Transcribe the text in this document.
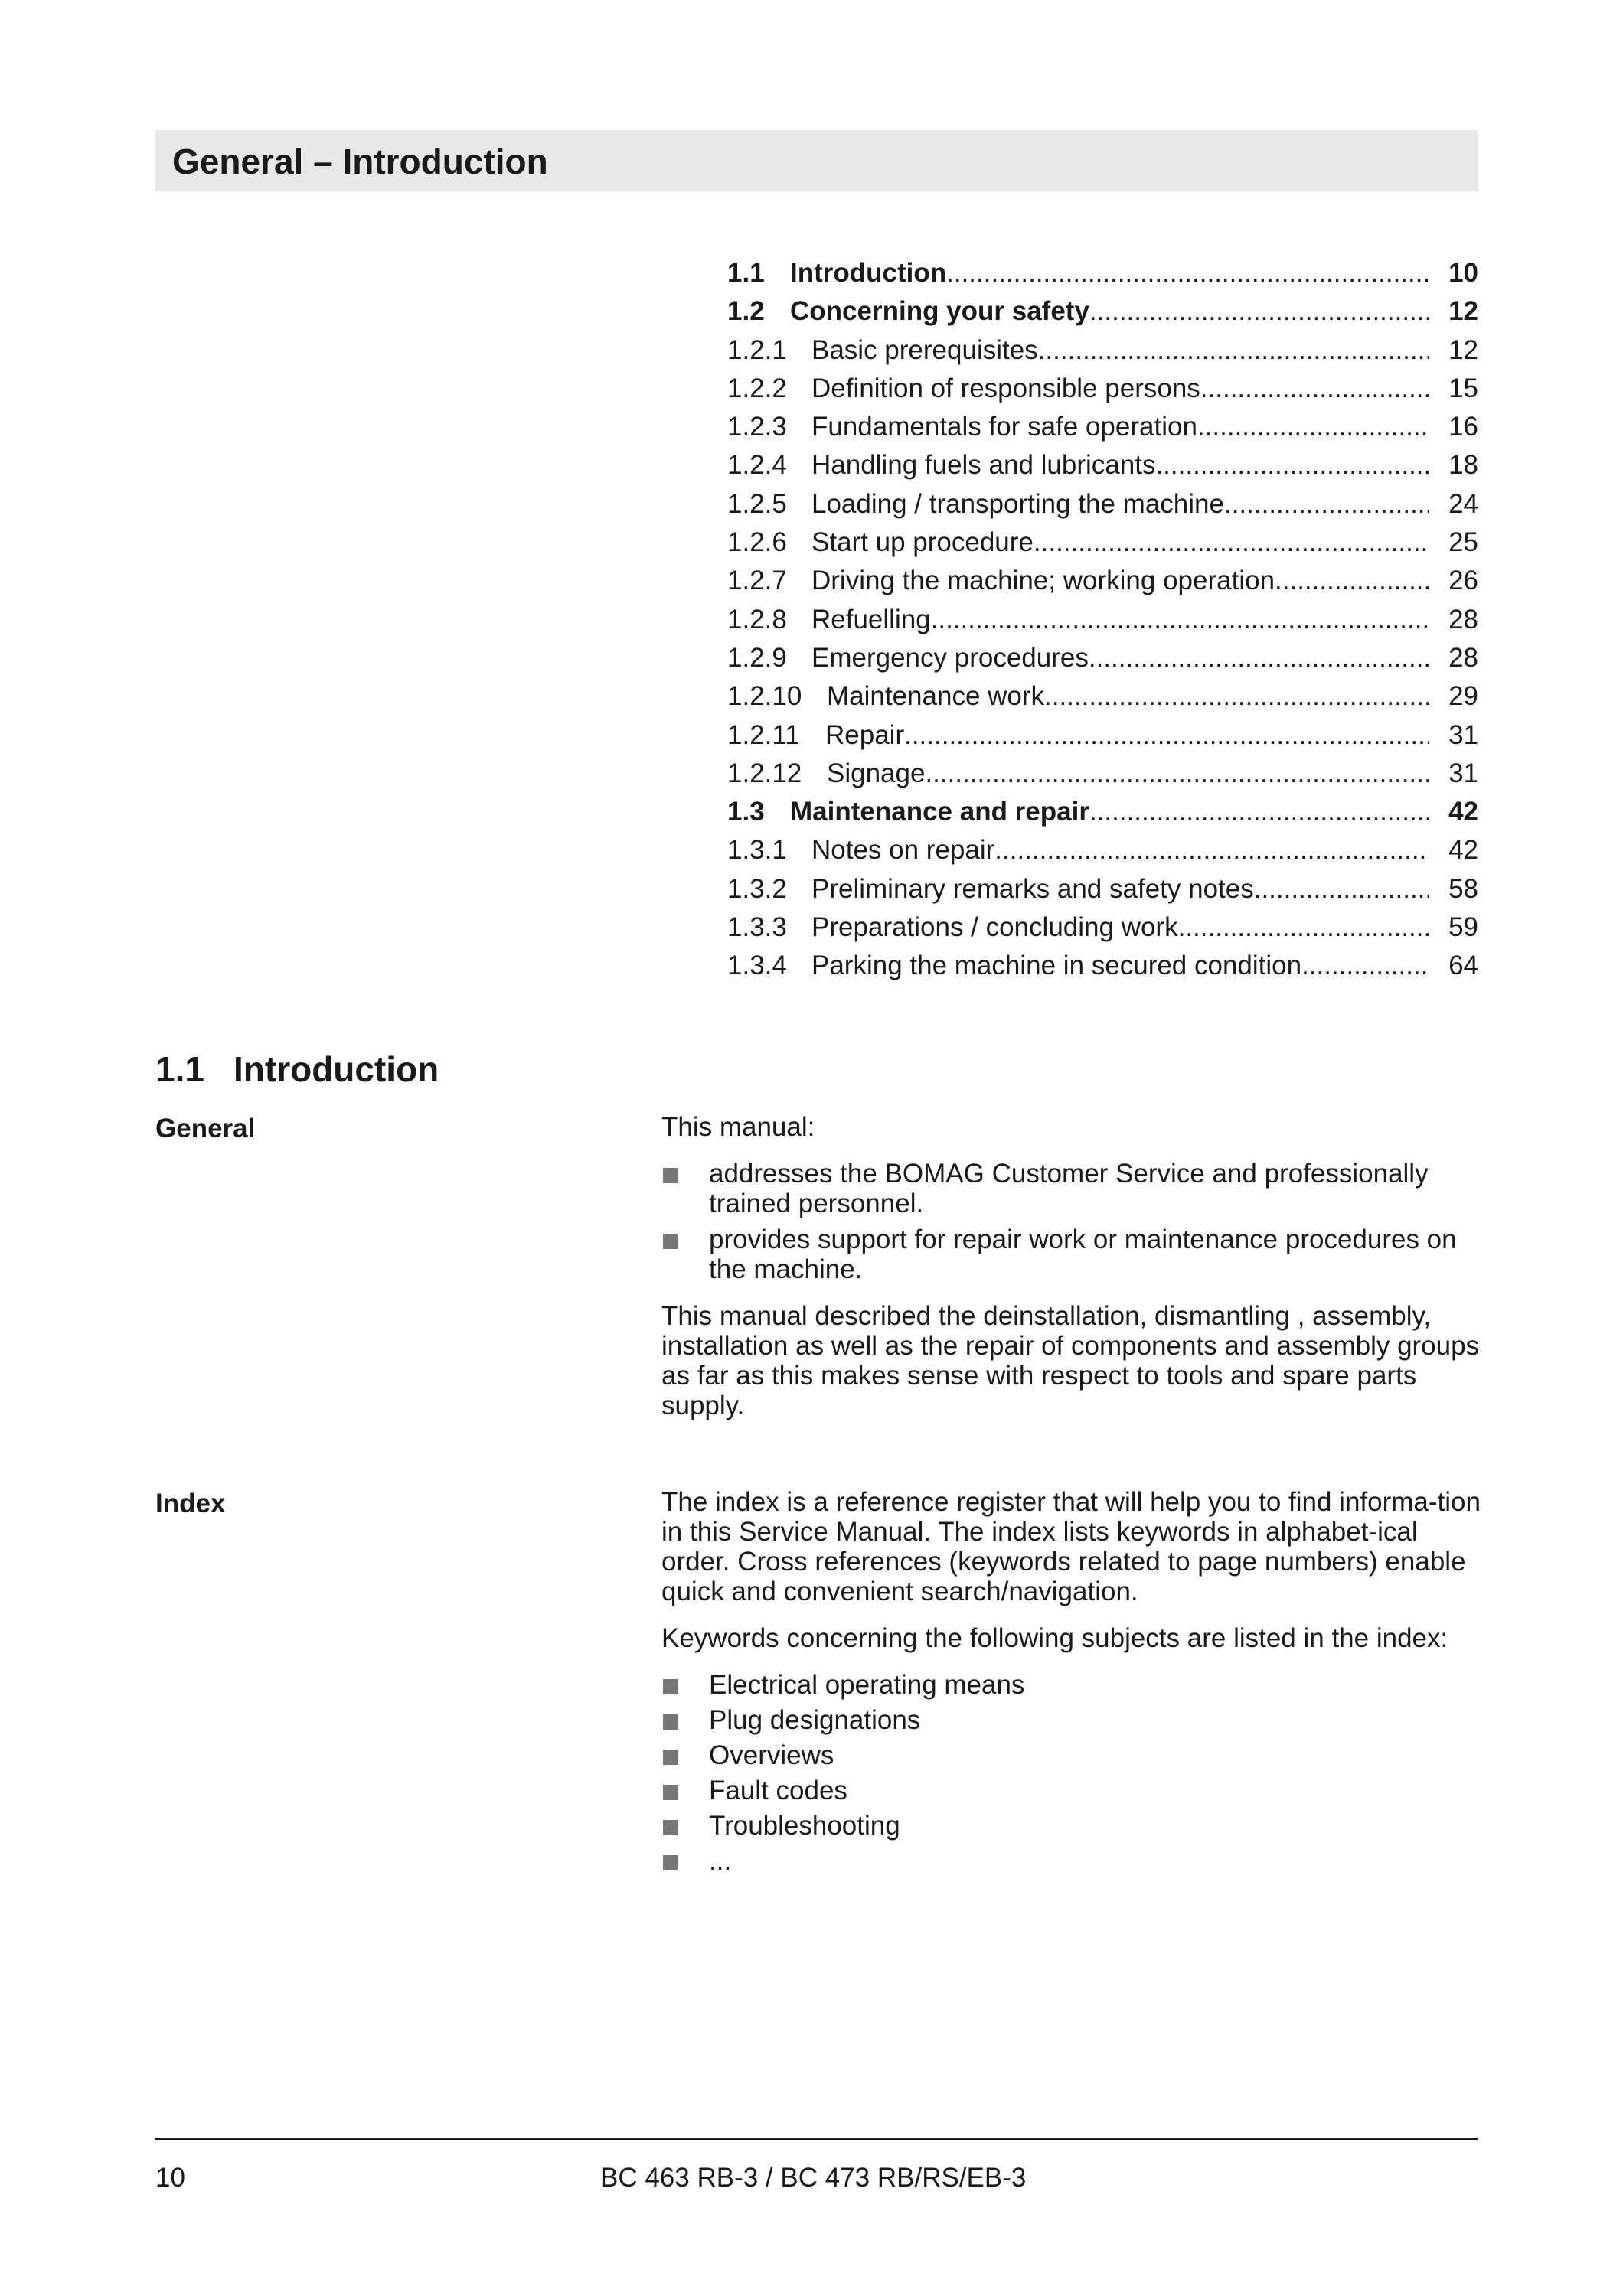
General – Introduction
1.1 Introduction .....	10
1.2 Concerning your safety .....	12
1.2.1 Basic prerequisites .....	12
1.2.2 Definition of responsible persons .....	15
1.2.3 Fundamentals for safe operation .....	16
1.2.4 Handling fuels and lubricants .....	18
1.2.5 Loading / transporting the machine .....	24
1.2.6 Start up procedure .....	25
1.2.7 Driving the machine; working operation .....	26
1.2.8 Refuelling .....	28
1.2.9 Emergency procedures .....	28
1.2.10 Maintenance work .....	29
1.2.11 Repair .....	31
1.2.12 Signage .....	31
1.3 Maintenance and repair .....	42
1.3.1 Notes on repair .....	42
1.3.2 Preliminary remarks and safety notes .....	58
1.3.3 Preparations / concluding work .....	59
1.3.4 Parking the machine in secured condition .....	64
1.1 Introduction
General	This manual:

addresses the BOMAG Customer Service and professionally trained personnel.
provides support for repair work or maintenance procedures on the machine.

This manual described the deinstallation, dismantling , assembly, installation as well as the repair of components and assembly groups as far as this makes sense with respect to tools and spare parts supply.

Index	The index is a reference register that will help you to find informa-tion in this Service Manual. The index lists keywords in alphabet-ical order. Cross references (keywords related to page numbers) enable quick and convenient search/navigation.

Keywords concerning the following subjects are listed in the index:

Electrical operating means
Plug designations
Overviews
Fault codes
Troubleshooting
...
10	BC 463 RB-3 / BC 473 RB/RS/EB-3
